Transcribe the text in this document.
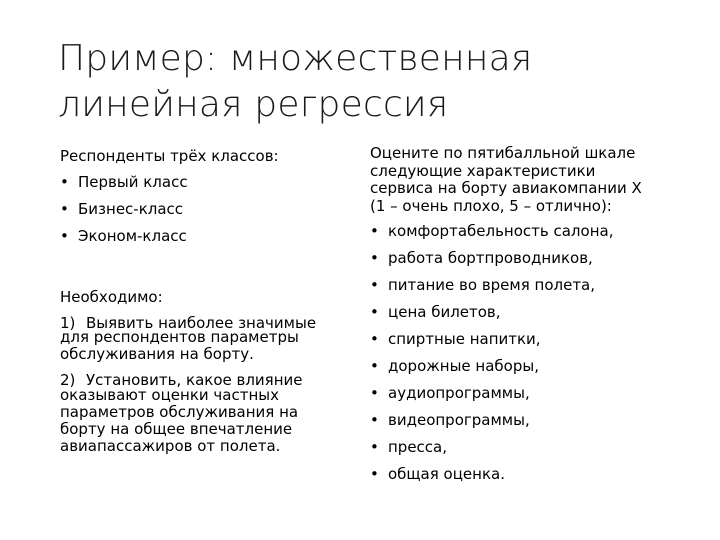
Пример: множественная
линейная регрессия
Респонденты трёх классов:
• Первый класс
• Бизнес-класс
• Эконом-класс
Необходимо:
1) Выявить наиболее значимые
для респондентов параметры
обслуживания на борту.
2) Установить, какое влияние
оказывают оценки частных
параметров обслуживания на
борту на общее впечатление
авиапассажиров от полета.
Оцените по пятибалльной шкале
следующие характеристики
сервиса на борту авиакомпании X
(1 – очень плохо, 5 – отлично):
• комфортабельность салона,
• работа бортпроводников,
• питание во время полета,
• цена билетов,
• спиртные напитки,
• дорожные наборы,
• аудиопрограммы,
• видеопрограммы,
• пресса,
• общая оценка.
